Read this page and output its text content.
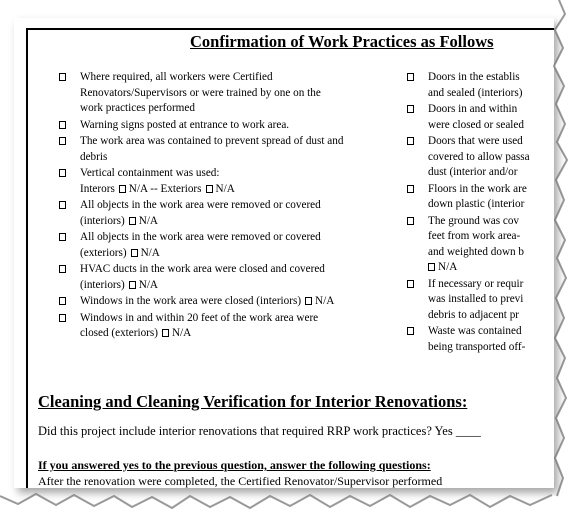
Confirmation of Work Practices as Follows
Where required, all workers were Certified Renovators/Supervisors or were trained by one on the work practices performed
Warning signs posted at entrance to work area.
The work area was contained to prevent spread of dust and debris
Vertical containment was used:
Interors N/A -- Exteriors N/A
All objects in the work area were removed or covered (interiors) N/A
All objects in the work area were removed or covered (exteriors) N/A
HVAC ducts in the work area were closed and covered (interiors) N/A
Windows in the work area were closed (interiors) N/A
Windows in and within 20 feet of the work area were closed (exteriors) N/A
Doors in the establis
and sealed (interiors)
Doors in and within
were closed or sealed
Doors that were used
covered to allow passa
dust (interior and/or
Floors in the work are
down plastic (interior
The ground was cov
feet from work area-
and weighted down b
N/A
If necessary or requir
was installed to previ
debris to adjacent pr
Waste was contained
being transported off-
Cleaning and Cleaning Verification for Interior Renovations:
Did this project include interior renovations that required RRP work practices? Yes ____
If you answered yes to the previous question, answer the following questions:
After the renovation were completed, the Certified Renovator/Supervisor performed
